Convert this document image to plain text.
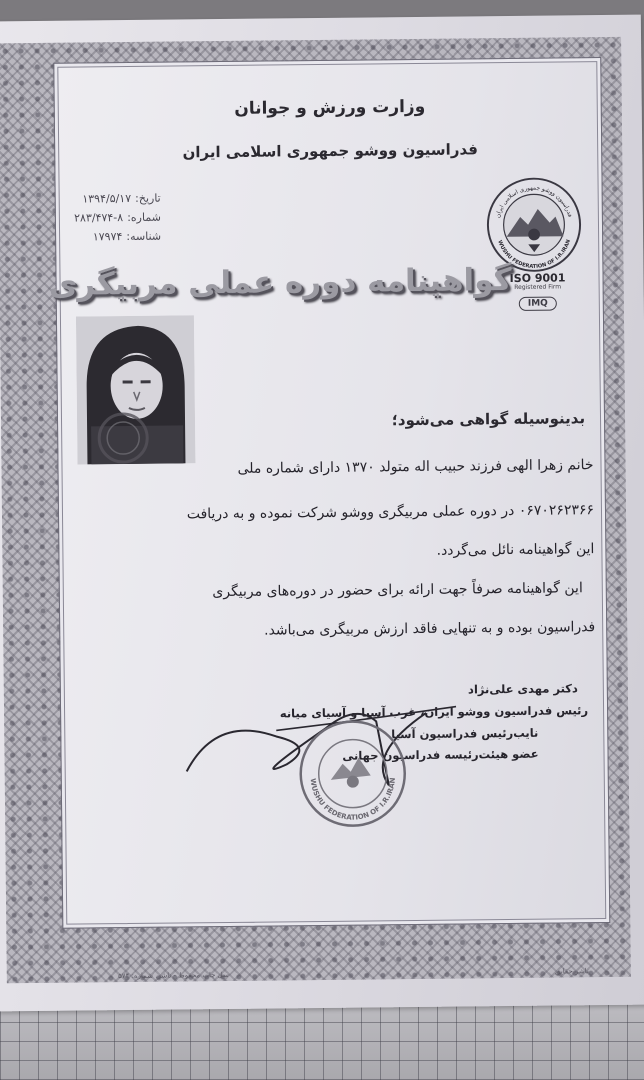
وزارت ورزش و جوانان
فدراسیون ووشو جمهوری اسلامی ایران
تاریخ:۱۳۹۴/۵/۱۷
شماره:۸-۲۸۳/۴۷۴
شناسه:۱۷۹۷۴
فدراسیون ووشو جمهوری اسلامی ایران
WUSHU FEDERATION OF I.R.IRAN
ISO 9001
Registered Firm
IMQ
گواهینامه دوره عملی مربیگری
بدینوسیله گواهی می‌شود؛
خانم زهرا الهی فرزند حبیب اله متولد ۱۳۷۰ دارای شماره ملی
۰۶۷۰۲۶۲۳۶۶ در دوره عملی مربیگری ووشو شرکت نموده و به دریافت
این گواهینامه نائل می‌گردد.
این گواهینامه صرفاً جهت ارائه برای حضور در دوره‌های مربیگری
فدراسیون بوده و به تنهایی فاقد ارزش مربیگری می‌باشد.
دکتر مهدی علی‌نژاد
رئیس فدراسیون ووشو ایران، غرب آسیا و آسیای میانه
نایب‌رئیس فدراسیون آسیا
عضو هیئت‌رئیسه فدراسیون جهانی
WUSHU FEDERATION OF I.R.IRAN
ناشر حقایق
سل چاپ محفوظ - ناشر. شماره: ۵۷۴
